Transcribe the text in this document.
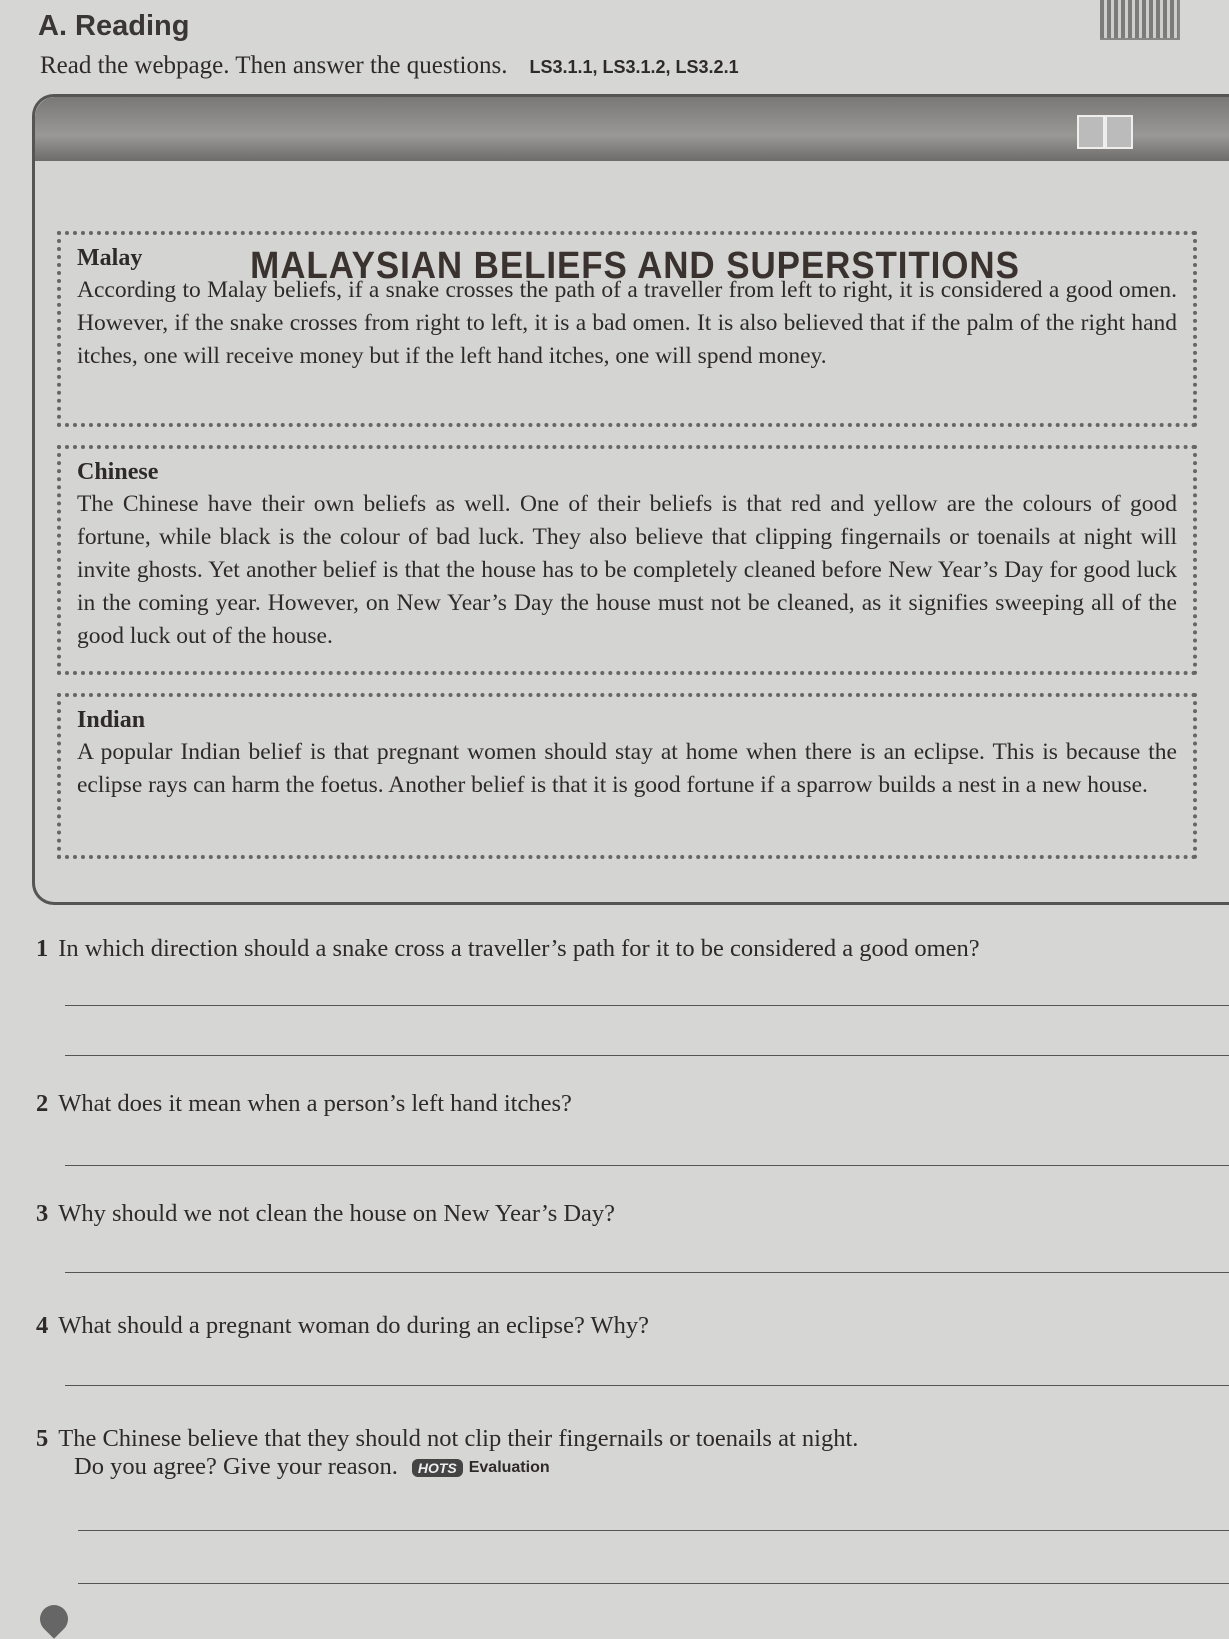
A. Reading
Read the webpage. Then answer the questions. LS3.1.1, LS3.1.2, LS3.2.1
MALAYSIAN BELIEFS AND SUPERSTITIONS
Malay

According to Malay beliefs, if a snake crosses the path of a traveller from left to right, it is considered a good omen. However, if the snake crosses from right to left, it is a bad omen. It is also believed that if the palm of the right hand itches, one will receive money but if the left hand itches, one will spend money.

Chinese

The Chinese have their own beliefs as well. One of their beliefs is that red and yellow are the colours of good fortune, while black is the colour of bad luck. They also believe that clipping fingernails or toenails at night will invite ghosts. Yet another belief is that the house has to be completely cleaned before New Year’s Day for good luck in the coming year. However, on New Year’s Day the house must not be cleaned, as it signifies sweeping all of the good luck out of the house.

Indian

A popular Indian belief is that pregnant women should stay at home when there is an eclipse. This is because the eclipse rays can harm the foetus. Another belief is that it is good fortune if a sparrow builds a nest in a new house.

1 In which direction should a snake cross a traveller’s path for it to be considered a good omen?
2 What does it mean when a person’s left hand itches?
3 Why should we not clean the house on New Year’s Day?
4 What should a pregnant woman do during an eclipse? Why?
5 The Chinese believe that they should not clip their fingernails or toenails at night.
Do you agree? Give your reason. HOTS Evaluation
